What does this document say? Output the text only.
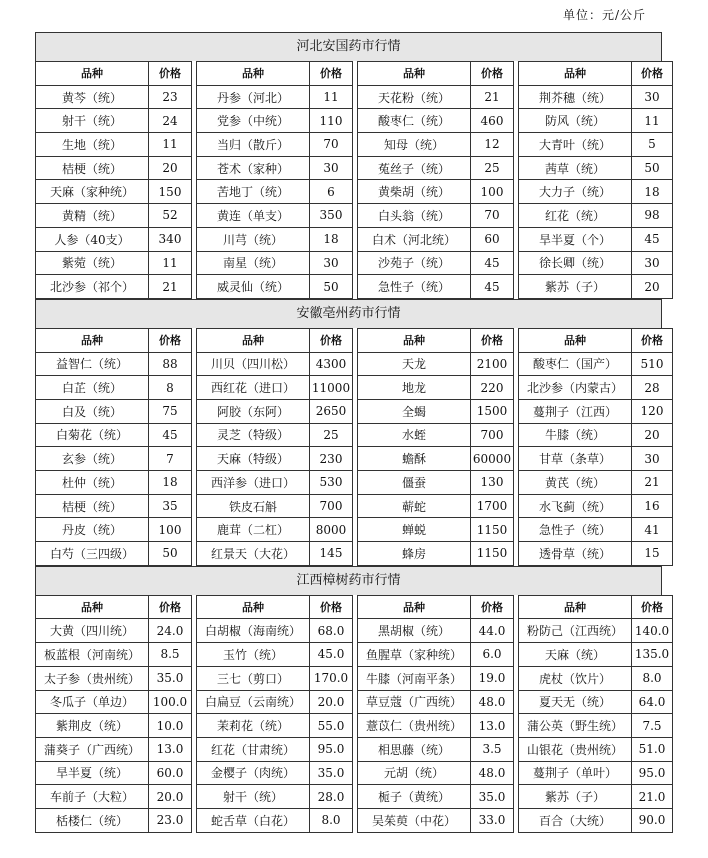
单位：元/公斤
河北安国药市行情
品种	价格		品种	价格		品种	价格		品种	价格
黄芩（统）	23		丹参（河北）	11		天花粉（统）	21		荆芥穗（统）	30
射干（统）	24		党参（中统）	110		酸枣仁（统）	460		防风（统）	11
生地（统）	11		当归（散斤）	70		知母（统）	12		大青叶（统）	5
桔梗（统）	20		苍术（家种）	30		菟丝子（统）	25		茜草（统）	50
天麻（家种统）	150		苦地丁（统）	6		黄柴胡（统）	100		大力子（统）	18
黄精（统）	52		黄连（单支）	350		白头翁（统）	70		红花（统）	98
人参（40支）	340		川芎（统）	18		白术（河北统）	60		旱半夏（个）	45
紫菀（统）	11		南星（统）	30		沙苑子（统）	45		徐长卿（统）	30
北沙参（祁个）	21		威灵仙（统）	50		急性子（统）	45		紫苏（子）	20
安徽亳州药市行情
品种	价格		品种	价格		品种	价格		品种	价格
益智仁（统）	88		川贝（四川松）	4300		天龙	2100		酸枣仁（国产）	510
白芷（统）	8		西红花（进口）	11000		地龙	220		北沙参（内蒙古）	28
白及（统）	75		阿胶（东阿）	2650		全蝎	1500		蔓荆子（江西）	120
白菊花（统）	45		灵芝（特级）	25		水蛭	700		牛膝（统）	20
玄参（统）	7		天麻（特级）	230		蟾酥	60000		甘草（条草）	30
杜仲（统）	18		西洋参（进口）	530		僵蚕	130		黄芪（统）	21
桔梗（统）	35		铁皮石斛	700		蕲蛇	1700		水飞蓟（统）	16
丹皮（统）	100		鹿茸（二杠）	8000		蝉蜕	1150		急性子（统）	41
白芍（三四级）	50		红景天（大花）	145		蜂房	1150		透骨草（统）	15
江西樟树药市行情
品种	价格		品种	价格		品种	价格		品种	价格
大黄（四川统）	24.0		白胡椒（海南统）	68.0		黑胡椒（统）	44.0		粉防己（江西统）	140.0
板蓝根（河南统）	8.5		玉竹（统）	45.0		鱼腥草（家种统）	6.0		天麻（统）	135.0
太子参（贵州统）	35.0		三七（剪口）	170.0		牛膝（河南平条）	19.0		虎杖（饮片）	8.0
冬瓜子（单边）	100.0		白扁豆（云南统）	20.0		草豆蔻（广西统）	48.0		夏天无（统）	64.0
紫荆皮（统）	10.0		茉莉花（统）	55.0		薏苡仁（贵州统）	13.0		蒲公英（野生统）	7.5
蒲葵子（广西统）	13.0		红花（甘肃统）	95.0		相思藤（统）	3.5		山银花（贵州统）	51.0
旱半夏（统）	60.0		金樱子（肉统）	35.0		元胡（统）	48.0		蔓荆子（单叶）	95.0
车前子（大粒）	20.0		射干（统）	28.0		栀子（黄统）	35.0		紫苏（子）	21.0
栝楼仁（统）	23.0		蛇舌草（白花）	8.0		吴茱萸（中花）	33.0		百合（大统）	90.0
